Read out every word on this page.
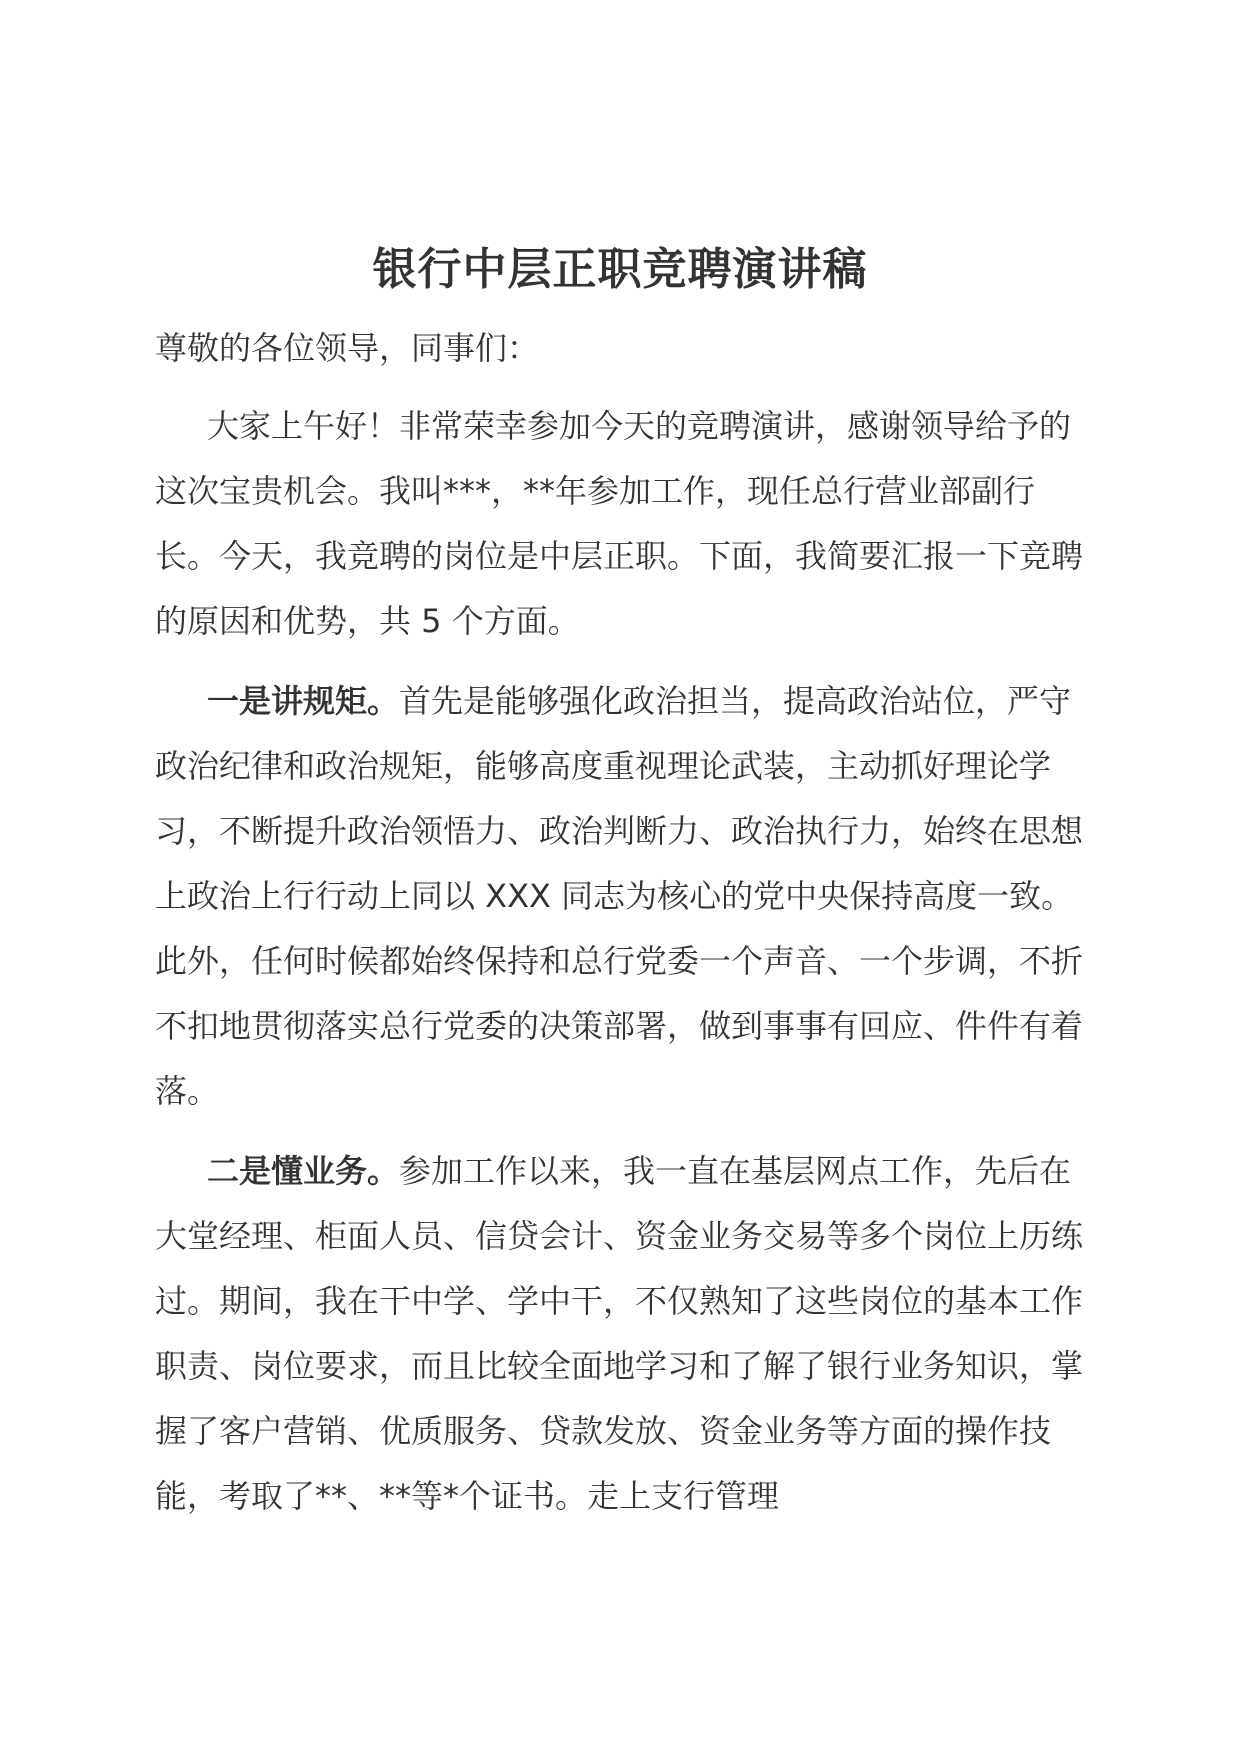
银行中层正职竞聘演讲稿

尊敬的各位领导，同事们：

大家上午好！非常荣幸参加今天的竞聘演讲，感谢领导给予的这次宝贵机会。我叫***，**年参加工作，现任总行营业部副行长。今天，我竞聘的岗位是中层正职。下面，我简要汇报一下竞聘的原因和优势，共 5 个方面。

一是讲规矩。首先是能够强化政治担当，提高政治站位，严守政治纪律和政治规矩，能够高度重视理论武装，主动抓好理论学习，不断提升政治领悟力、政治判断力、政治执行力，始终在思想上政治上行行动上同以 XXX 同志为核心的党中央保持高度一致。此外，任何时候都始终保持和总行党委一个声音、一个步调，不折不扣地贯彻落实总行党委的决策部署，做到事事有回应、件件有着落。

二是懂业务。参加工作以来，我一直在基层网点工作，先后在大堂经理、柜面人员、信贷会计、资金业务交易等多个岗位上历练过。期间，我在干中学、学中干，不仅熟知了这些岗位的基本工作职责、岗位要求，而且比较全面地学习和了解了银行业务知识，掌握了客户营销、优质服务、贷款发放、资金业务等方面的操作技能，考取了**、**等*个证书。走上支行管理
